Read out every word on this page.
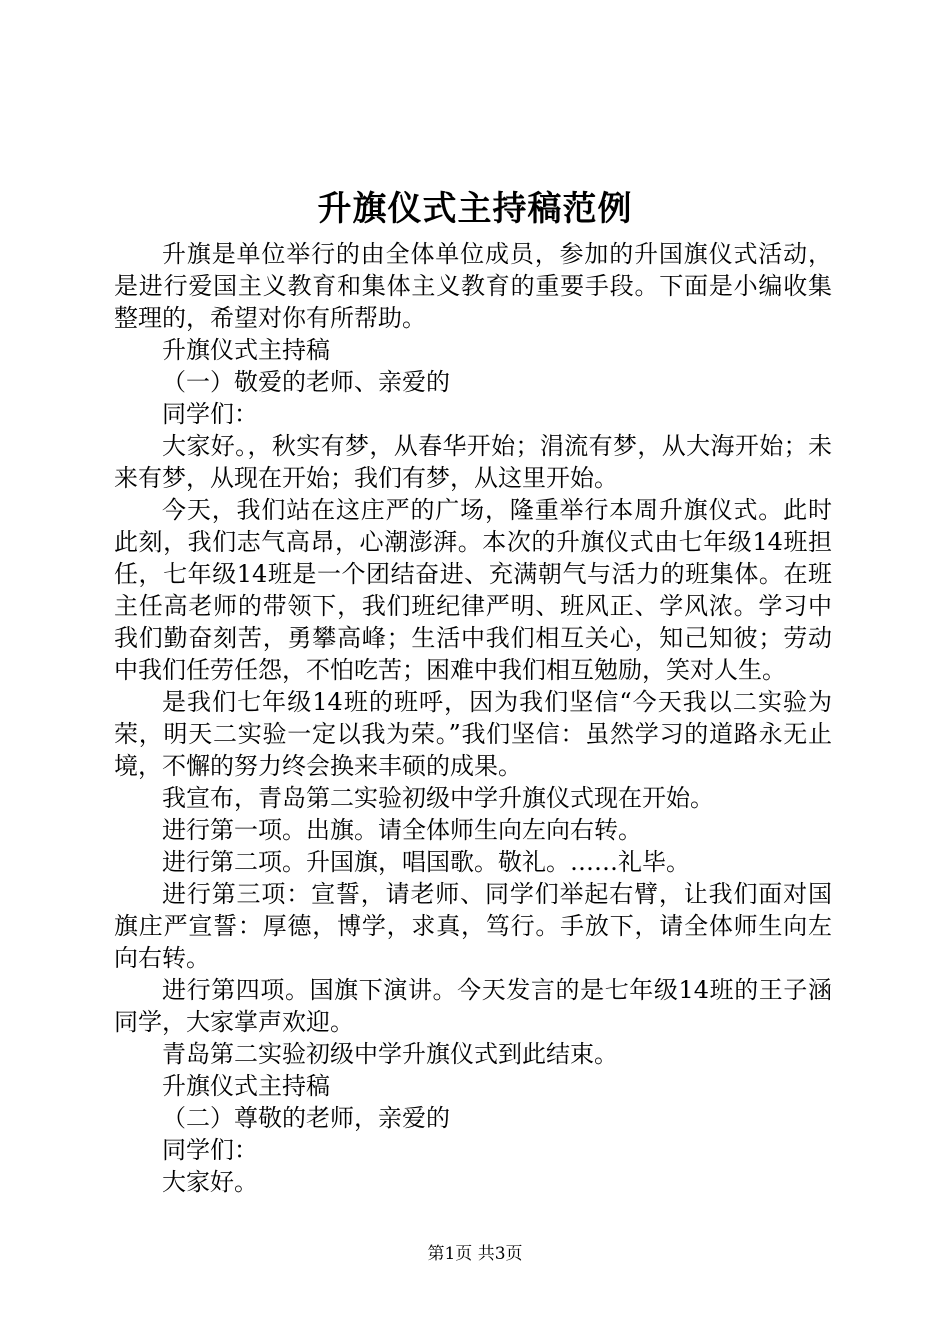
升旗仪式主持稿范例

升旗是单位举行的由全体单位成员，参加的升国旗仪式活动，是进行爱国主义教育和集体主义教育的重要手段。下面是小编收集整理的，希望对你有所帮助。

升旗仪式主持稿

（一）敬爱的老师、亲爱的

同学们：

大家好。，秋实有梦，从春华开始；涓流有梦，从大海开始；未来有梦，从现在开始；我们有梦，从这里开始。

今天，我们站在这庄严的广场，隆重举行本周升旗仪式。此时此刻，我们志气高昂，心潮澎湃。本次的升旗仪式由七年级14班担任，七年级14班是一个团结奋进、充满朝气与活力的班集体。在班主任高老师的带领下，我们班纪律严明、班风正、学风浓。学习中我们勤奋刻苦，勇攀高峰；生活中我们相互关心，知己知彼；劳动中我们任劳任怨，不怕吃苦；困难中我们相互勉励，笑对人生。

是我们七年级14班的班呼，因为我们坚信“今天我以二实验为荣，明天二实验一定以我为荣。”我们坚信：虽然学习的道路永无止境，不懈的努力终会换来丰硕的成果。

我宣布，青岛第二实验初级中学升旗仪式现在开始。

进行第一项。出旗。请全体师生向左向右转。

进行第二项。升国旗，唱国歌。敬礼。……礼毕。

进行第三项：宣誓，请老师、同学们举起右臂，让我们面对国旗庄严宣誓：厚德，博学，求真，笃行。手放下，请全体师生向左向右转。

进行第四项。国旗下演讲。今天发言的是七年级14班的王子涵同学，大家掌声欢迎。

青岛第二实验初级中学升旗仪式到此结束。

升旗仪式主持稿

（二）尊敬的老师，亲爱的

同学们：

大家好。

第1页 共3页
